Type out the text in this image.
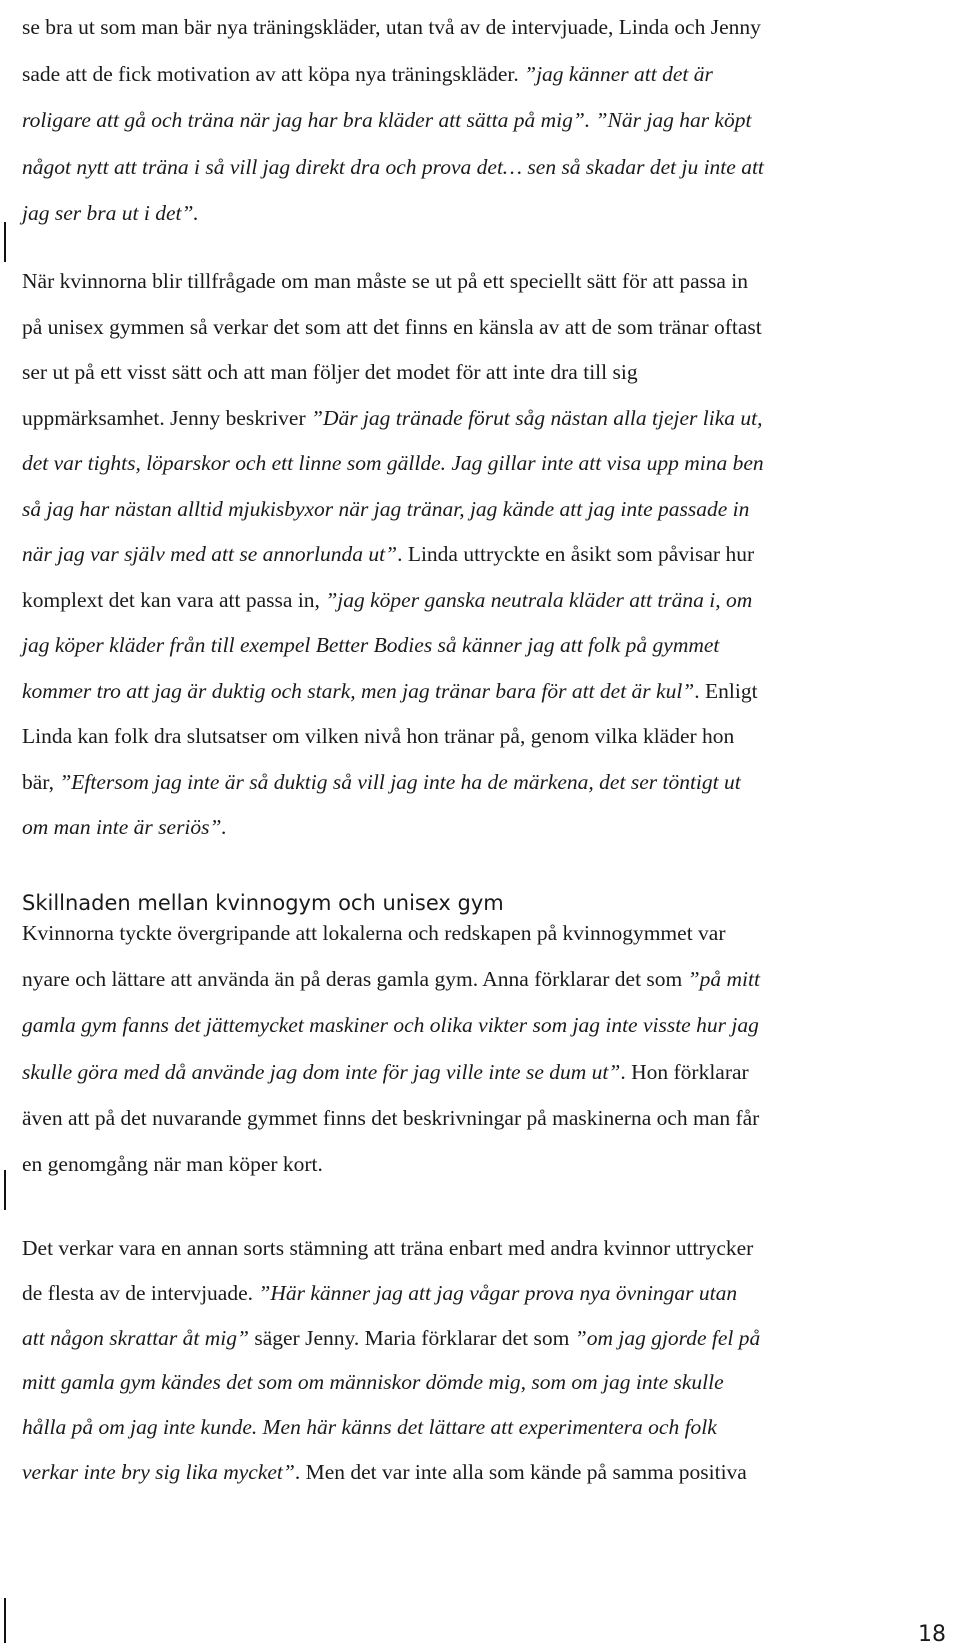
se bra ut som man bär nya träningskläder, utan två av de intervjuade, Linda och Jenny
sade att de fick motivation av att köpa nya träningskläder. ”jag känner att det är
roligare att gå och träna när jag har bra kläder att sätta på mig”. ”När jag har köpt
något nytt att träna i så vill jag direkt dra och prova det… sen så skadar det ju inte att
jag ser bra ut i det”.
När kvinnorna blir tillfrågade om man måste se ut på ett speciellt sätt för att passa in
på unisex gymmen så verkar det som att det finns en känsla av att de som tränar oftast
ser ut på ett visst sätt och att man följer det modet för att inte dra till sig
uppmärksamhet. Jenny beskriver ”Där jag tränade förut såg nästan alla tjejer lika ut,
det var tights, löparskor och ett linne som gällde. Jag gillar inte att visa upp mina ben
så jag har nästan alltid mjukisbyxor när jag tränar, jag kände att jag inte passade in
när jag var själv med att se annorlunda ut”. Linda uttryckte en åsikt som påvisar hur
komplext det kan vara att passa in, ”jag köper ganska neutrala kläder att träna i, om
jag köper kläder från till exempel Better Bodies så känner jag att folk på gymmet
kommer tro att jag är duktig och stark, men jag tränar bara för att det är kul”. Enligt
Linda kan folk dra slutsatser om vilken nivå hon tränar på, genom vilka kläder hon
bär, ”Eftersom jag inte är så duktig så vill jag inte ha de märkena, det ser töntigt ut
om man inte är seriös”.
Skillnaden mellan kvinnogym och unisex gym
Kvinnorna tyckte övergripande att lokalerna och redskapen på kvinnogymmet var
nyare och lättare att använda än på deras gamla gym. Anna förklarar det som ”på mitt
gamla gym fanns det jättemycket maskiner och olika vikter som jag inte visste hur jag
skulle göra med då använde jag dom inte för jag ville inte se dum ut”. Hon förklarar
även att på det nuvarande gymmet finns det beskrivningar på maskinerna och man får
en genomgång när man köper kort.
Det verkar vara en annan sorts stämning att träna enbart med andra kvinnor uttrycker
de flesta av de intervjuade. ”Här känner jag att jag vågar prova nya övningar utan
att någon skrattar åt mig” säger Jenny. Maria förklarar det som ”om jag gjorde fel på
mitt gamla gym kändes det som om människor dömde mig, som om jag inte skulle
hålla på om jag inte kunde. Men här känns det lättare att experimentera och folk
verkar inte bry sig lika mycket”. Men det var inte alla som kände på samma positiva
18
